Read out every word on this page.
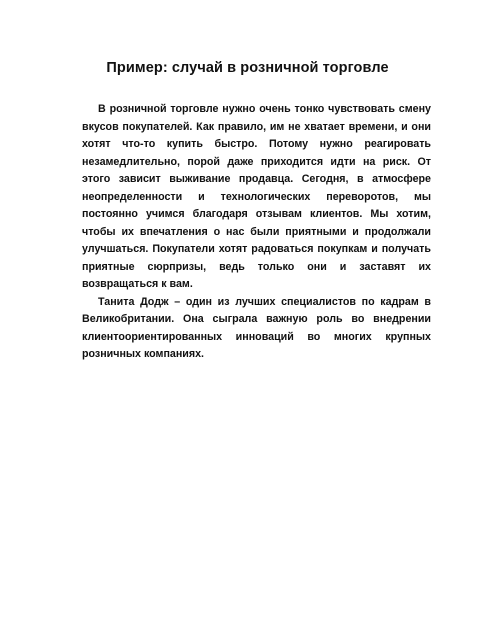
Пример: случай в розничной торговле

В розничной торговле нужно очень тонко чувствовать смену вкусов покупателей. Как правило, им не хватает времени, и они хотят что-то купить быстро. Потому нужно реагировать незамедлительно, порой даже приходится идти на риск. От этого зависит выживание продавца. Сегодня, в атмосфере неопределенности и технологических переворотов, мы постоянно учимся благодаря отзывам клиентов. Мы хотим, чтобы их впечатления о нас были приятными и продолжали улучшаться. Покупатели хотят радоваться покупкам и получать приятные сюрпризы, ведь только они и заставят их возвращаться к вам.

Танита Додж – один из лучших специалистов по кадрам в Великобритании. Она сыграла важную роль во внедрении клиентоориентированных инноваций во многих крупных розничных компаниях.
